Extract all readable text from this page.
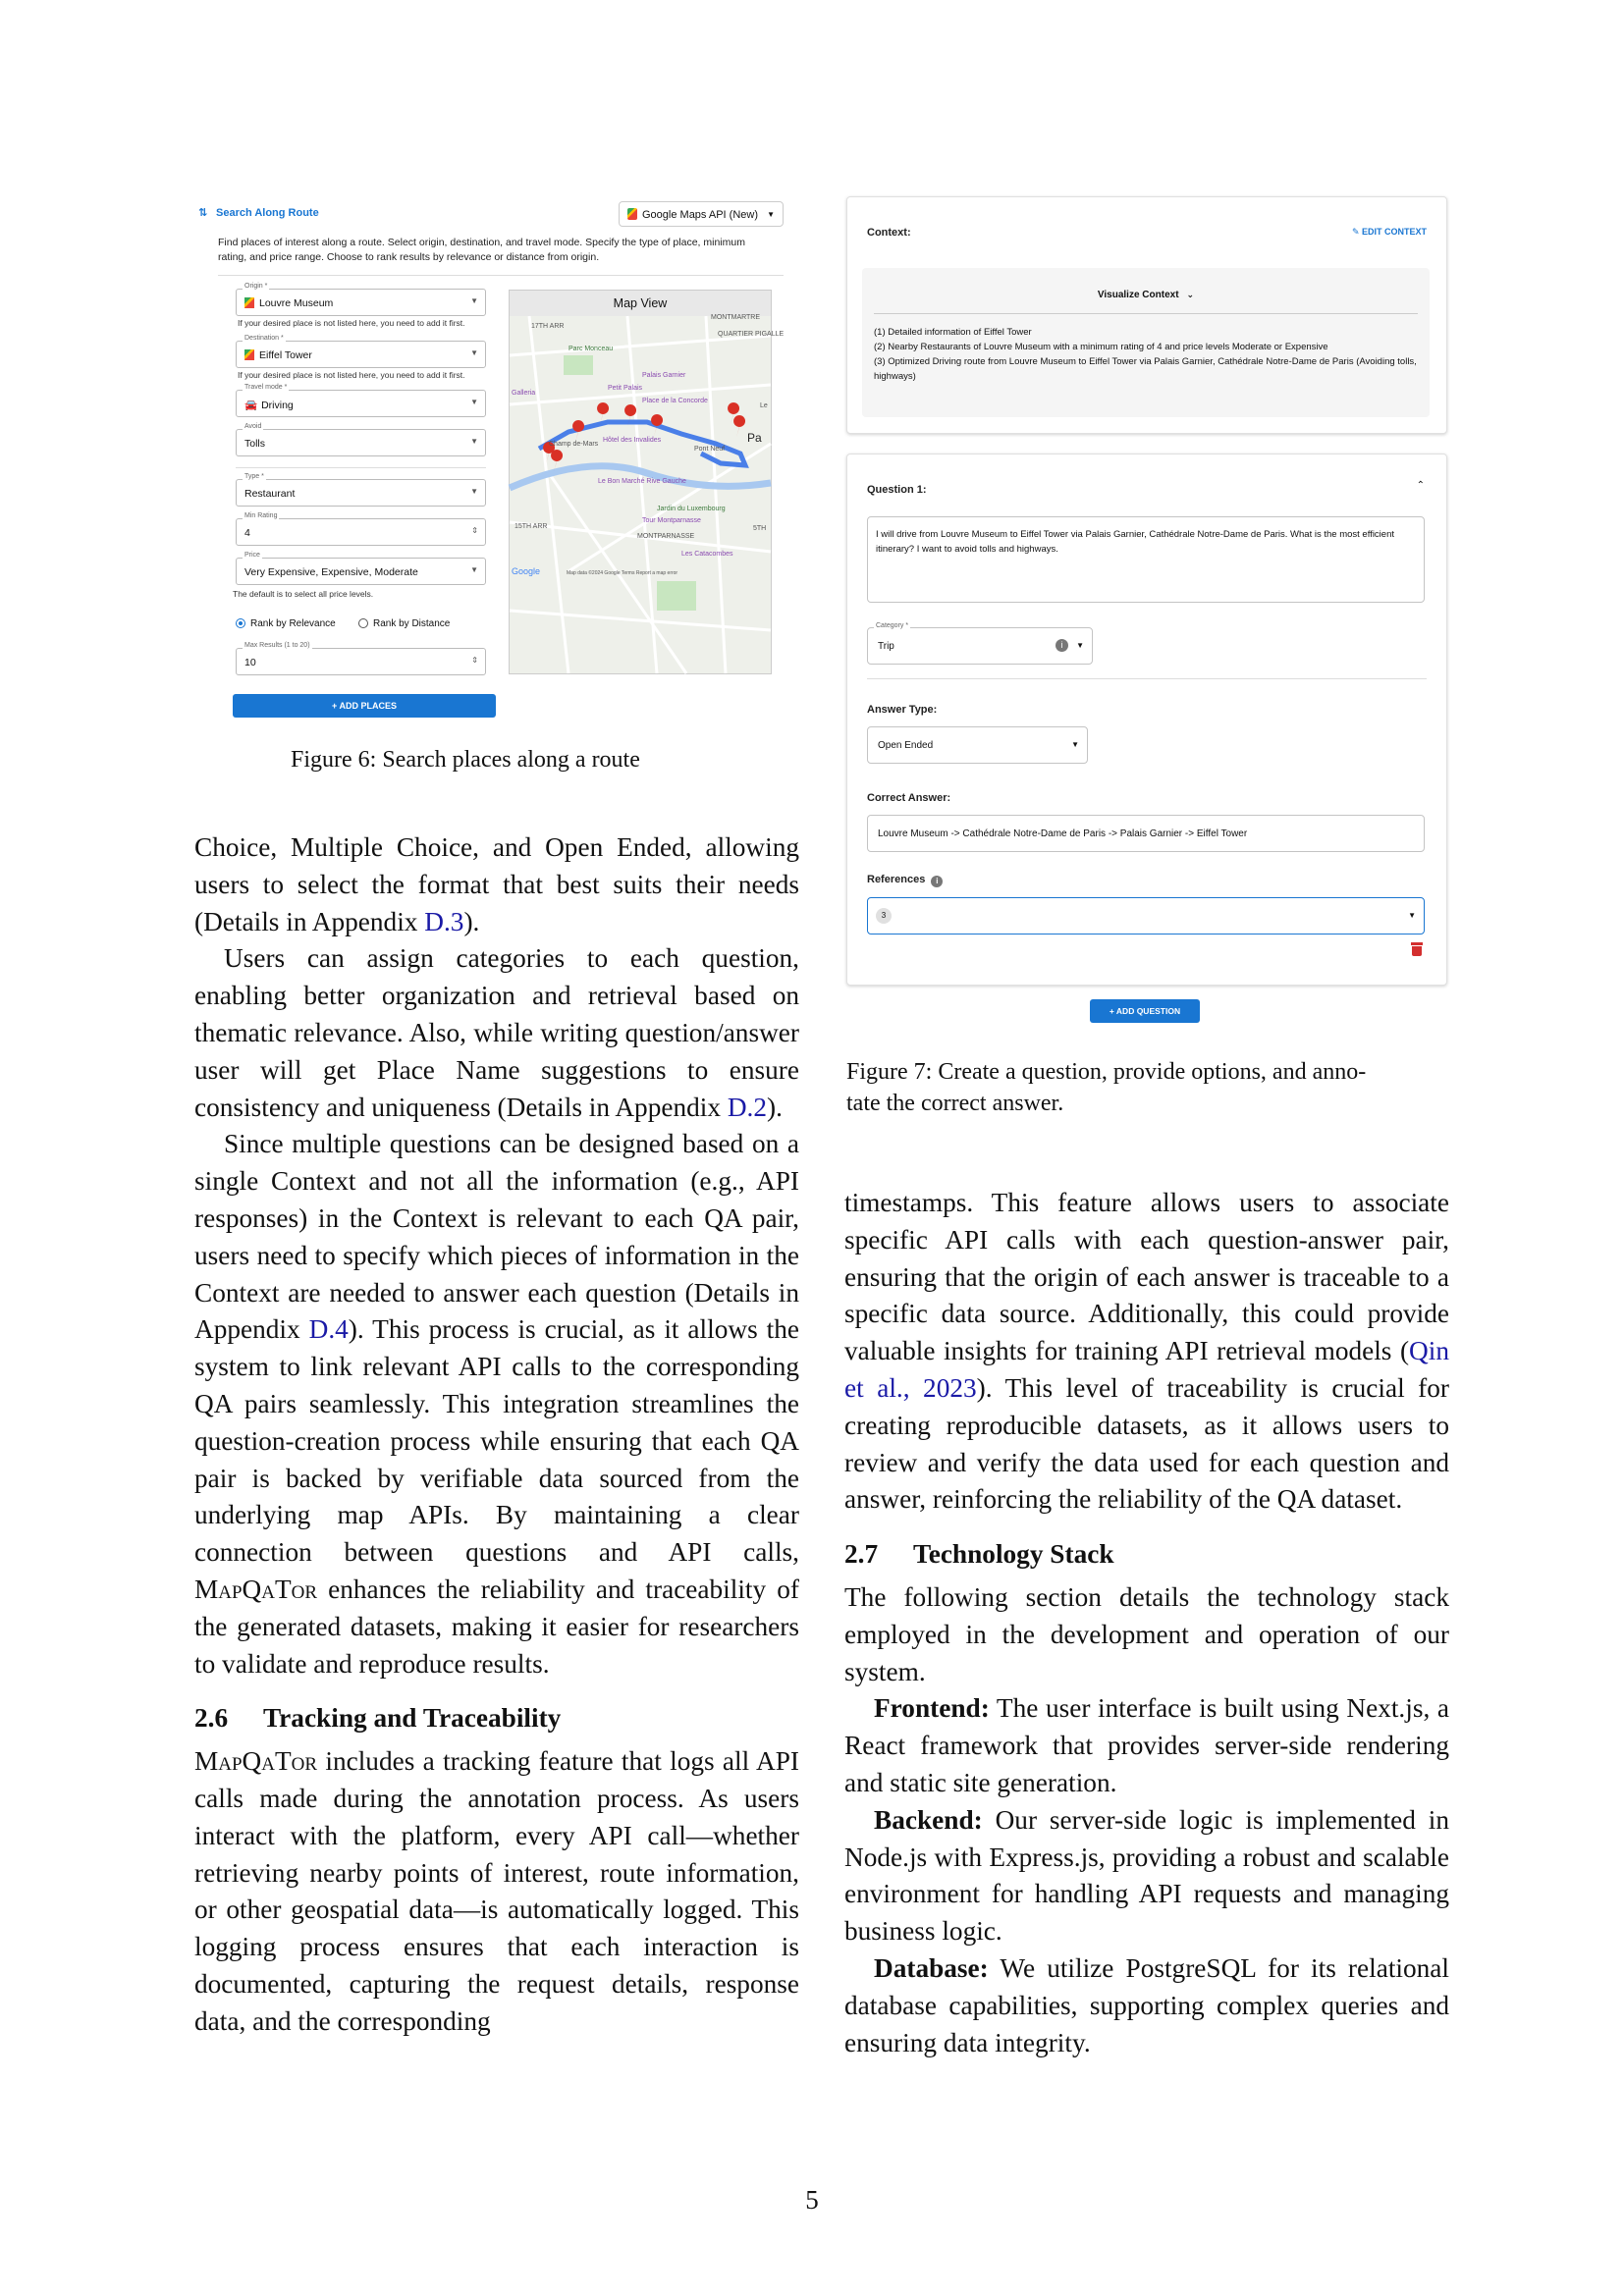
⇅ Search Along Route	Google Maps API (New) ▼
Find places of interest along a route. Select origin, destination, and travel mode. Specify the type of place, minimum rating, and price range. Choose to rank results by relevance or distance from origin.
Origin *
Louvre Museum	▼
If your desired place is not listed here, you need to add it first.
Destination *
Eiffel Tower	▼
If your desired place is not listed here, you need to add it first.
Travel mode *
🚘 Driving	▼
Avoid
Tolls	▼
Type *
Restaurant	▼
Min Rating
4	⇕
Price
Very Expensive, Expensive, Moderate	▼
The default is to select all price levels.
Rank by Relevance	Rank by Distance
Max Results (1 to 20)
10	⇕
+ ADD PLACES
Map View
17TH ARR
MONTMARTRE
QUARTIER PIGALLE
Parc Monceau
Palais Garnier
Petit Palais
Place de la Concorde
Hôtel des Invalides
Pont Neuf
Le Bon Marché Rive Gauche
Jardin du Luxembourg
Tour Montparnasse
15TH ARR
MONTPARNASSE
Les Catacombes
Galleria
Champ de-Mars
Map data ©2024 Google Terms Report a map error
Google
Pa
5TH
Le
Figure 6: Search places along a route
Context:	✎ EDIT CONTEXT
Visualize Context ⌄
(1) Detailed information of Eiffel Tower
(2) Nearby Restaurants of Louvre Museum with a minimum rating of 4 and price levels Moderate or Expensive
(3) Optimized Driving route from Louvre Museum to Eiffel Tower via Palais Garnier, Cathédrale Notre-Dame de Paris (Avoiding tolls, highways)
Question 1:	⌃
I will drive from Louvre Museum to Eiffel Tower via Palais Garnier, Cathédrale Notre-Dame de Paris. What is the most efficient itinerary? I want to avoid tolls and highways.
Category *
Trip	i	▼
Answer Type:
Open Ended	▼
Correct Answer:
Louvre Museum -> Cathédrale Notre-Dame de Paris -> Palais Garnier -> Eiffel Tower
References i
3	▼
+ ADD QUESTION
Figure 7: Create a question, provide options, and anno-
tate the correct answer.

Choice, Multiple Choice, and Open Ended, allowing users to select the format that best suits their needs (Details in Appendix D.3).

Users can assign categories to each question, enabling better organization and retrieval based on thematic relevance. Also, while writing question/answer user will get Place Name suggestions to ensure consistency and uniqueness (Details in Appendix D.2).

Since multiple questions can be designed based on a single Context and not all the information (e.g., API responses) in the Context is relevant to each QA pair, users need to specify which pieces of information in the Context are needed to answer each question (Details in Appendix D.4). This process is crucial, as it allows the system to link relevant API calls to the corresponding QA pairs seamlessly. This integration streamlines the question-creation process while ensuring that each QA pair is backed by verifiable data sourced from the underlying map APIs. By maintaining a clear connection between questions and API calls, MapQaTor enhances the reliability and traceability of the generated datasets, making it easier for researchers to validate and reproduce results.

2.6 Tracking and Traceability

MapQaTor includes a tracking feature that logs all API calls made during the annotation process. As users interact with the platform, every API call—whether retrieving nearby points of interest, route information, or other geospatial data—is automatically logged. This logging process ensures that each interaction is documented, capturing the request details, response data, and the corresponding

timestamps. This feature allows users to associate specific API calls with each question-answer pair, ensuring that the origin of each answer is traceable to a specific data source. Additionally, this could provide valuable insights for training API retrieval models (Qin et al., 2023). This level of traceability is crucial for creating reproducible datasets, as it allows users to review and verify the data used for each question and answer, reinforcing the reliability of the QA dataset.

2.7 Technology Stack

The following section details the technology stack employed in the development and operation of our system.

Frontend: The user interface is built using Next.js, a React framework that provides server-side rendering and static site generation.

Backend: Our server-side logic is implemented in Node.js with Express.js, providing a robust and scalable environment for handling API requests and managing business logic.

Database: We utilize PostgreSQL for its relational database capabilities, supporting complex queries and ensuring data integrity.

5
